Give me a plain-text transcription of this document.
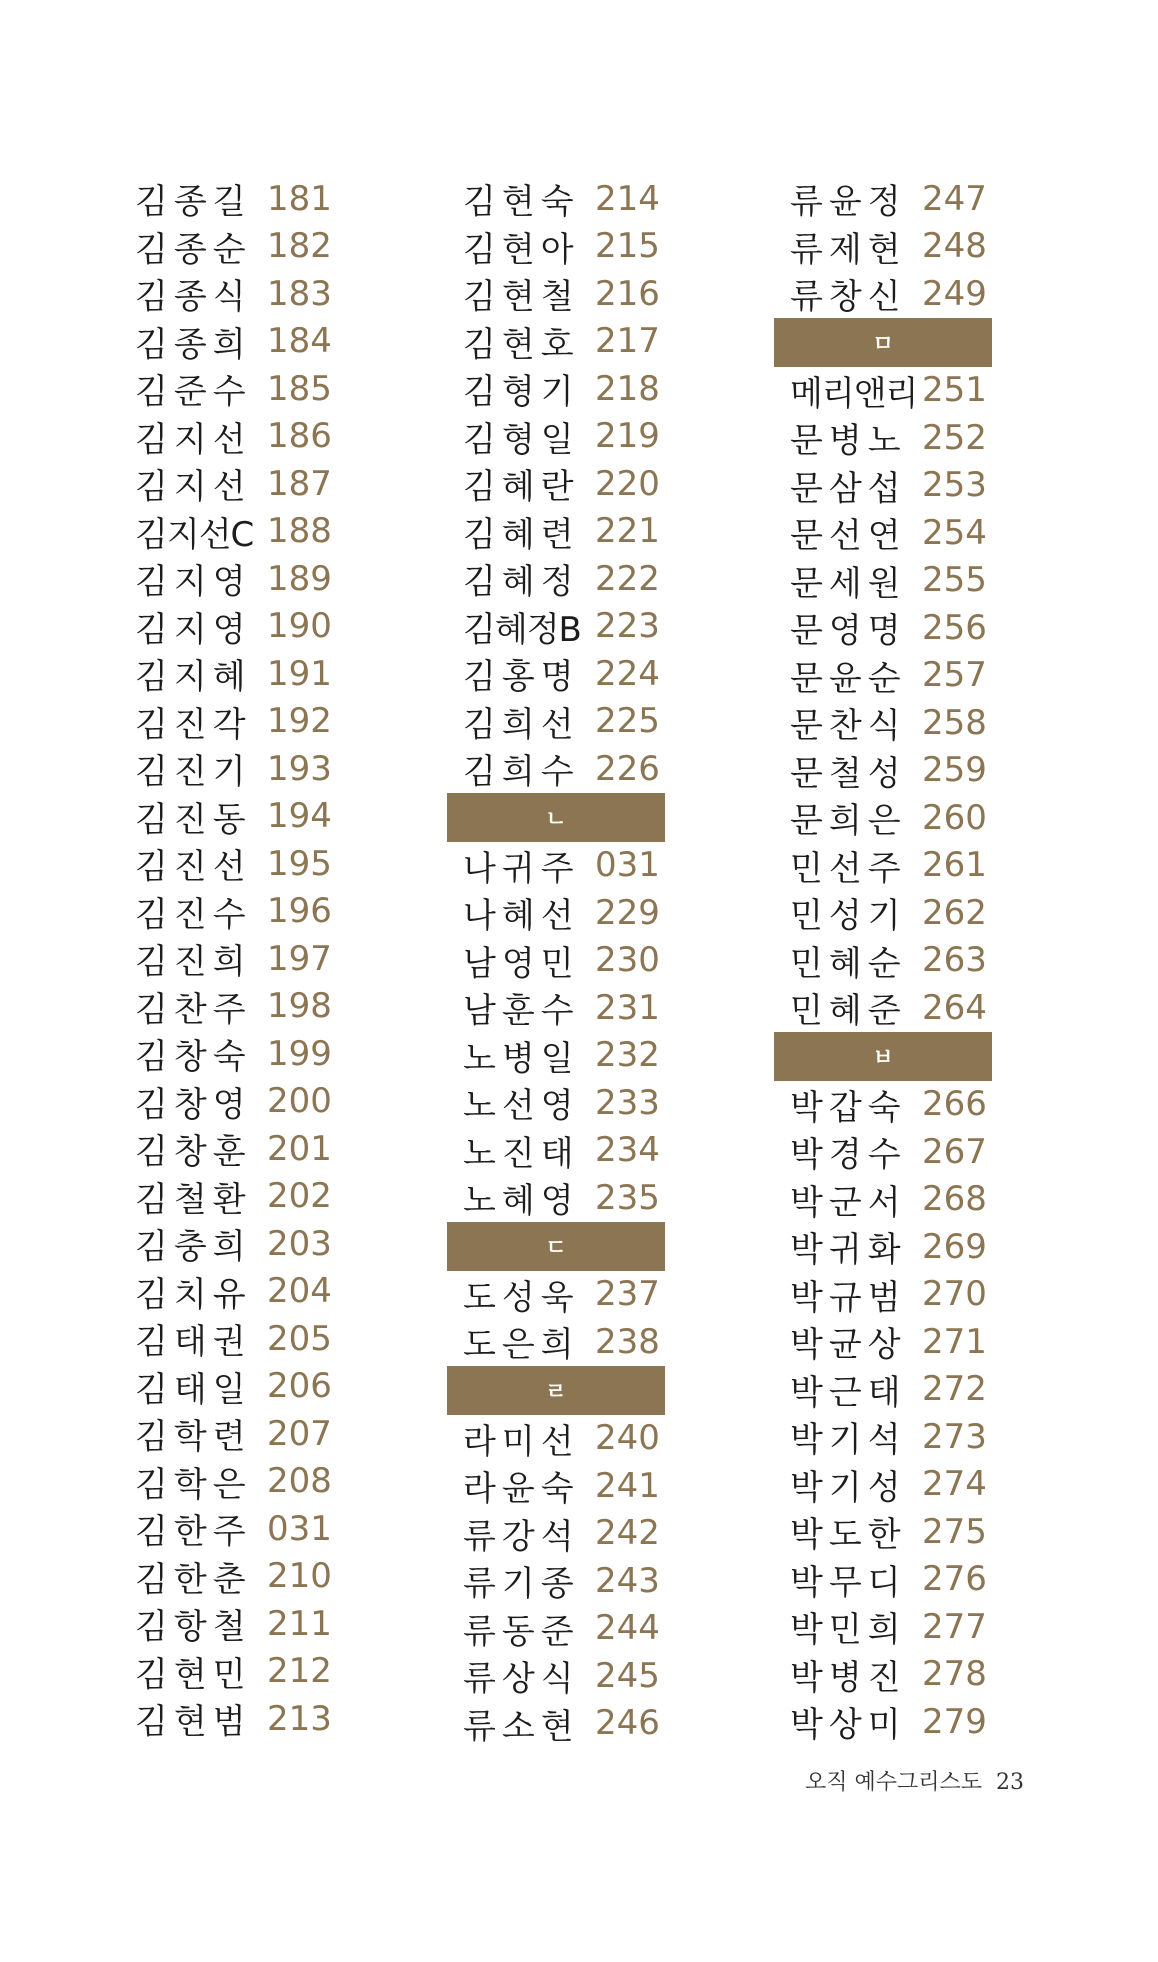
김종길 181
김종순 182
김종식 183
김종희 184
김준수 185
김지선 186
김지선 187
김지선C 188
김지영 189
김지영 190
김지혜 191
김진각 192
김진기 193
김진동 194
김진선 195
김진수 196
김진희 197
김찬주 198
김창숙 199
김창영 200
김창훈 201
김철환 202
김충희 203
김치유 204
김태권 205
김태일 206
김학련 207
김학은 208
김한주 031
김한춘 210
김항철 211
김현민 212
김현범 213
김현숙 214
김현아 215
김현철 216
김현호 217
김형기 218
김형일 219
김혜란 220
김혜련 221
김혜정 222
김혜정B 223
김홍명 224
김희선 225
김희수 226
ㄴ
나귀주 031
나혜선 229
남영민 230
남훈수 231
노병일 232
노선영 233
노진태 234
노혜영 235
ㄷ
도성욱 237
도은희 238
ㄹ
라미선 240
라윤숙 241
류강석 242
류기종 243
류동준 244
류상식 245
류소현 246
류윤정 247
류제현 248
류창신 249
ㅁ
메리앤리 251
문병노 252
문삼섭 253
문선연 254
문세원 255
문영명 256
문윤순 257
문찬식 258
문철성 259
문희은 260
민선주 261
민성기 262
민혜순 263
민혜준 264
ㅂ
박갑숙 266
박경수 267
박군서 268
박귀화 269
박규범 270
박균상 271
박근태 272
박기석 273
박기성 274
박도한 275
박무디 276
박민희 277
박병진 278
박상미 279
오직 예수그리스도 23
